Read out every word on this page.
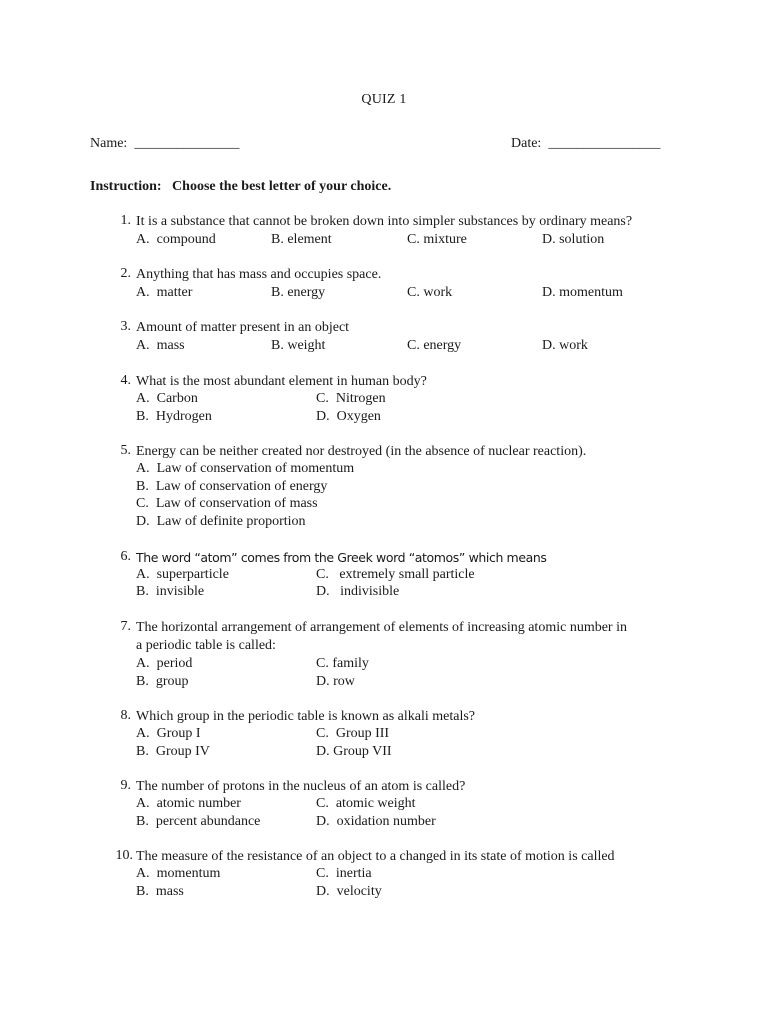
QUIZ 1
Name:  _______________	Date:  ________________
Instruction:   Choose the best letter of your choice.
1. It is a substance that cannot be broken down into simpler substances by ordinary means?
A.  compound	B. element	C. mixture	D. solution
2. Anything that has mass and occupies space.
A.  matter	B. energy	C. work	D. momentum
3. Amount of matter present in an object
A.  mass	B. weight	C. energy	D. work
4. What is the most abundant element in human body?
A.  Carbon	C.  Nitrogen
B.  Hydrogen	D.  Oxygen
5. Energy can be neither created nor destroyed (in the absence of nuclear reaction).
A.  Law of conservation of momentum
B.  Law of conservation of energy
C.  Law of conservation of mass
D.  Law of definite proportion
6. The word “atom” comes from the Greek word “atomos” which means
A.  superparticle	C.   extremely small particle
B.  invisible	D.   indivisible
7. The horizontal arrangement of arrangement of elements of increasing atomic number in a periodic table is called:
A.  period	C. family
B.  group	D. row
8. Which group in the periodic table is known as alkali metals?
A.  Group I	C.  Group III
B.  Group IV	D. Group VII
9. The number of protons in the nucleus of an atom is called?
A.  atomic number	C.  atomic weight
B.  percent abundance	D.  oxidation number
10. The measure of the resistance of an object to a changed in its state of motion is called
A.  momentum	C.  inertia
B.  mass	D.  velocity
